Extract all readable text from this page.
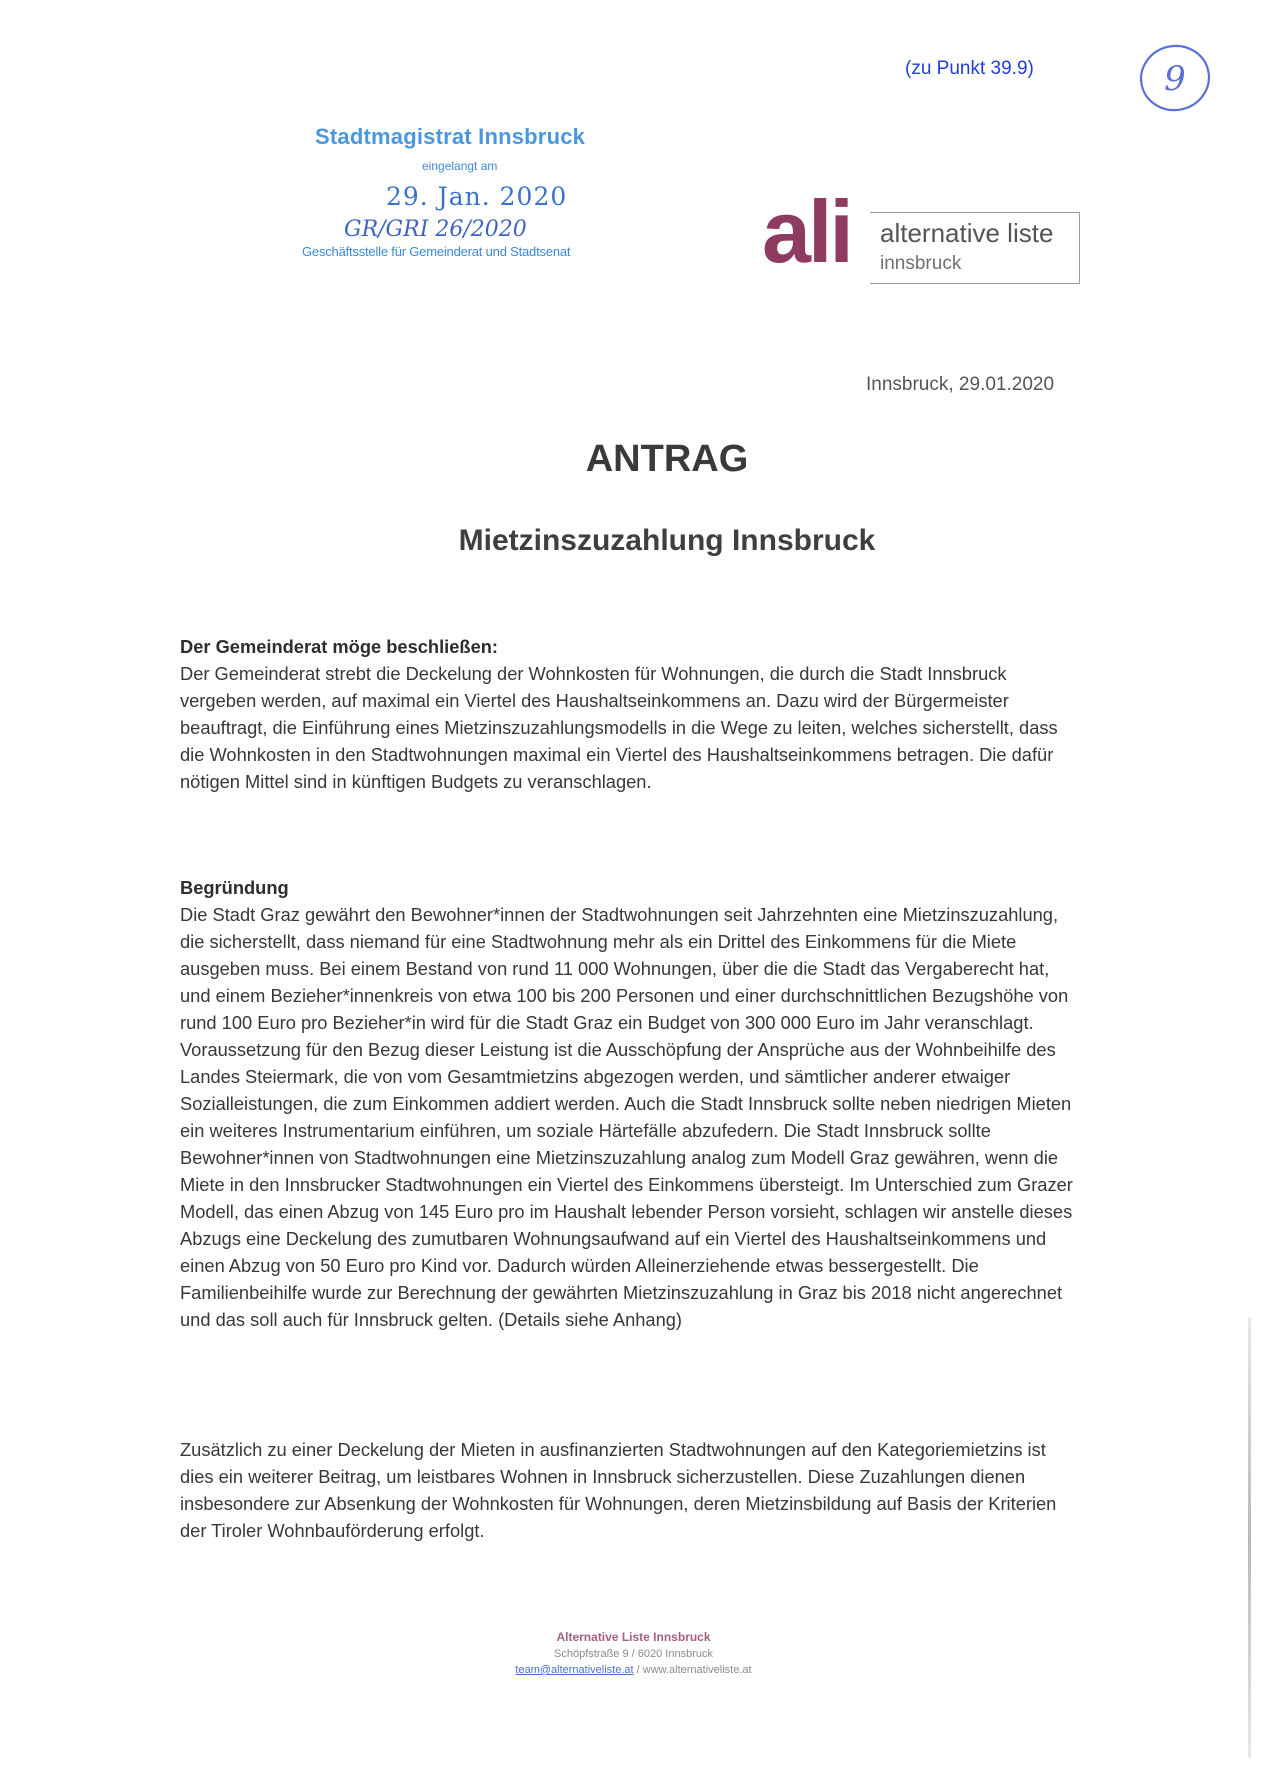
(zu Punkt 39.9)	9
Stadtmagistrat Innsbruck
eingelangt am
29. Jan. 2020
GR/GRI 26/2020
Geschäftsstelle für Gemeinderat und Stadtsenat ali alternative liste
innsbruck
Innsbruck, 29.01.2020
ANTRAG
Mietzinszuzahlung Innsbruck

Der Gemeinderat möge beschließen:

Der Gemeinderat strebt die Deckelung der Wohnkosten für Wohnungen, die durch die Stadt Innsbruck vergeben werden, auf maximal ein Viertel des Haushaltseinkommens an. Dazu wird der Bürgermeister beauftragt, die Einführung eines Mietzinszuzahlungsmodells in die Wege zu leiten, welches sicherstellt, dass die Wohnkosten in den Stadtwohnungen maximal ein Viertel des Haushaltseinkommens betragen. Die dafür nötigen Mittel sind in künftigen Budgets zu veranschlagen.

Begründung

Die Stadt Graz gewährt den Bewohner*innen der Stadtwohnungen seit Jahrzehnten eine Mietzinszuzahlung, die sicherstellt, dass niemand für eine Stadtwohnung mehr als ein Drittel des Einkommens für die Miete ausgeben muss. Bei einem Bestand von rund 11 000 Wohnungen, über die die Stadt das Vergaberecht hat, und einem Bezieher*innenkreis von etwa 100 bis 200 Personen und einer durchschnittlichen Bezugshöhe von rund 100 Euro pro Bezieher*in wird für die Stadt Graz ein Budget von 300 000 Euro im Jahr veranschlagt. Voraussetzung für den Bezug dieser Leistung ist die Ausschöpfung der Ansprüche aus der Wohnbeihilfe des Landes Steiermark, die von vom Gesamtmietzins abgezogen werden, und sämtlicher anderer etwaiger Sozialleistungen, die zum Einkommen addiert werden. Auch die Stadt Innsbruck sollte neben niedrigen Mieten ein weiteres Instrumentarium einführen, um soziale Härtefälle abzufedern. Die Stadt Innsbruck sollte Bewohner*innen von Stadtwohnungen eine Mietzinszuzahlung analog zum Modell Graz gewähren, wenn die Miete in den Innsbrucker Stadtwohnungen ein Viertel des Einkommens übersteigt. Im Unterschied zum Grazer Modell, das einen Abzug von 145 Euro pro im Haushalt lebender Person vorsieht, schlagen wir anstelle dieses Abzugs eine Deckelung des zumutbaren Wohnungsaufwand auf ein Viertel des Haushaltseinkommens und einen Abzug von 50 Euro pro Kind vor. Dadurch würden Alleinerziehende etwas bessergestellt. Die Familienbeihilfe wurde zur Berechnung der gewährten Mietzinszuzahlung in Graz bis 2018 nicht angerechnet und das soll auch für Innsbruck gelten. (Details siehe Anhang)

Zusätzlich zu einer Deckelung der Mieten in ausfinanzierten Stadtwohnungen auf den Kategoriemietzins ist dies ein weiterer Beitrag, um leistbares Wohnen in Innsbruck sicherzustellen. Diese Zuzahlungen dienen insbesondere zur Absenkung der Wohnkosten für Wohnungen, deren Mietzinsbildung auf Basis der Kriterien der Tiroler Wohnbauförderung erfolgt.

Alternative Liste Innsbruck
Schöpfstraße 9 / 6020 Innsbruck
team@alternativeliste.at / www.alternativeliste.at
